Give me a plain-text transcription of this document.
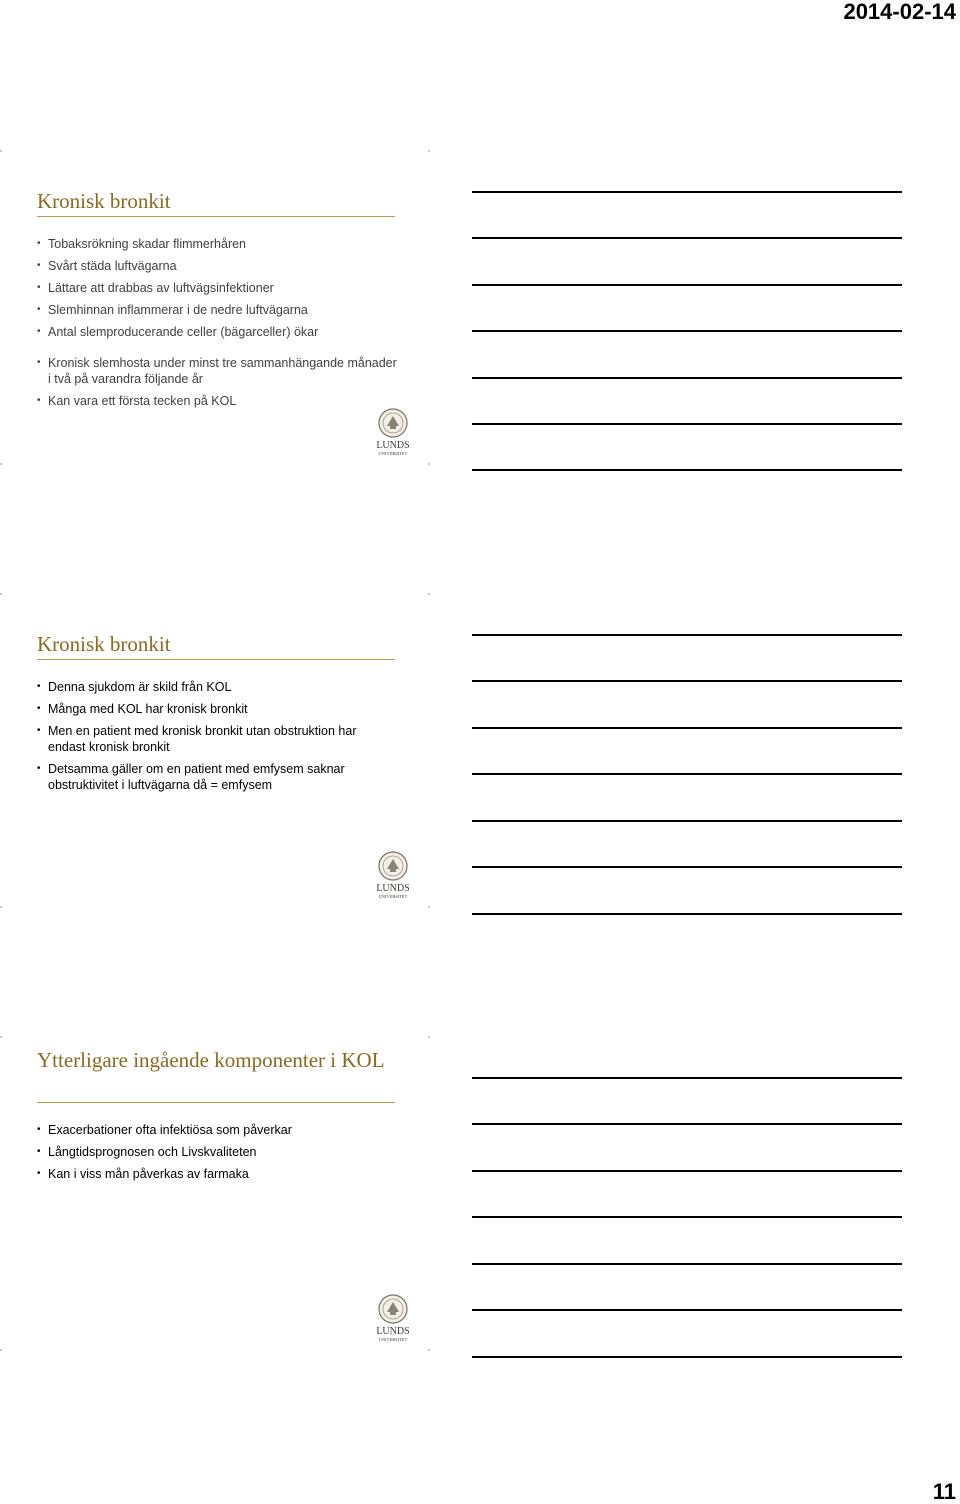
2014-02-14
Kronisk bronkit
• Tobaksrökning skadar flimmerhåren
• Svårt städa luftvägarna
• Lättare att drabbas av luftvägsinfektioner
• Slemhinnan inflammerar i de nedre luftvägarna
• Antal slemproducerande celler (bägarceller) ökar
• Kronisk slemhosta under minst tre sammanhängande månader i två på varandra följande år
• Kan vara ett första tecken på KOL
LUNDS
UNIVERSITET
Kronisk bronkit
• Denna sjukdom är skild från KOL
• Många med KOL har kronisk bronkit
• Men en patient med kronisk bronkit utan obstruktion har endast kronisk bronkit
• Detsamma gäller om en patient med emfysem saknar obstruktivitet i luftvägarna då = emfysem
LUNDS
UNIVERSITET
Ytterligare ingående komponenter i KOL
• Exacerbationer ofta infektiösa som påverkar
• Långtidsprognosen och Livskvaliteten
• Kan i viss mån påverkas av farmaka
LUNDS
UNIVERSITET
11
